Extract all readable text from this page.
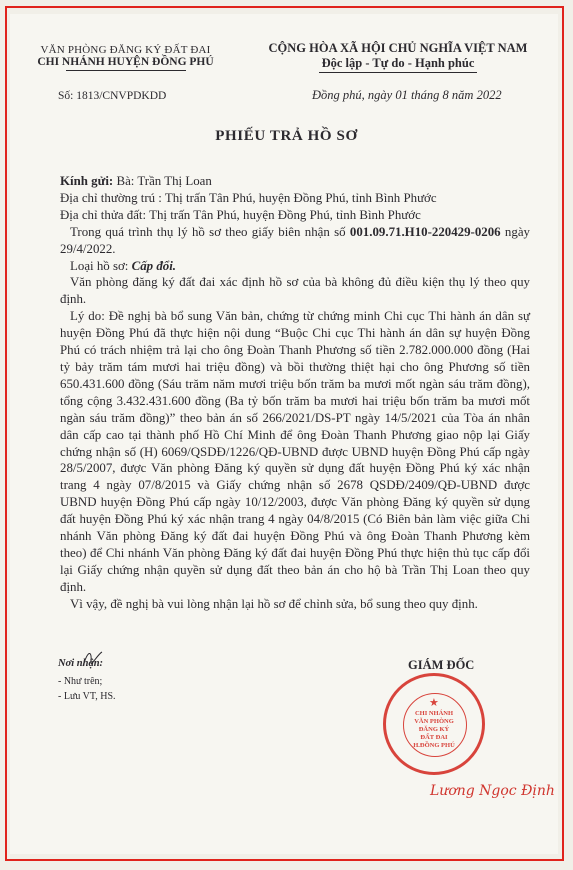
VĂN PHÒNG ĐĂNG KÝ ĐẤT ĐAI
CHI NHÁNH HUYỆN ĐỒNG PHÚ
CỘNG HÒA XÃ HỘI CHỦ NGHĨA VIỆT NAM
Độc lập - Tự do - Hạnh phúc
Số: 1813/CNVPDKDD	Đồng phú, ngày 01 tháng 8 năm 2022
PHIẾU TRẢ HỒ SƠ

Kính gửi: Bà: Trần Thị Loan

Địa chỉ thường trú : Thị trấn Tân Phú, huyện Đồng Phú, tỉnh Bình Phước

Địa chỉ thửa đất: Thị trấn Tân Phú, huyện Đồng Phú, tỉnh Bình Phước

Trong quá trình thụ lý hồ sơ theo giấy biên nhận số 001.09.71.H10-220429-0206 ngày 29/4/2022.

Loại hồ sơ: Cấp đổi.

Văn phòng đăng ký đất đai xác định hồ sơ của bà không đủ điều kiện thụ lý theo quy định.

Lý do: Đề nghị bà bổ sung Văn bản, chứng từ chứng minh Chi cục Thi hành án dân sự huyện Đồng Phú đã thực hiện nội dung “Buộc Chi cục Thi hành án dân sự huyện Đồng Phú có trách nhiệm trả lại cho ông Đoàn Thanh Phương số tiền 2.782.000.000 đồng (Hai tỷ bảy trăm tám mươi hai triệu đồng) và bồi thường thiệt hại cho ông Phương số tiền 650.431.600 đồng (Sáu trăm năm mươi triệu bốn trăm ba mươi mốt ngàn sáu trăm đồng), tổng cộng 3.432.431.600 đồng (Ba tỷ bốn trăm ba mươi hai triệu bốn trăm ba mươi mốt ngàn sáu trăm đồng)” theo bản án số 266/2021/DS-PT ngày 14/5/2021 của Tòa án nhân dân cấp cao tại thành phố Hồ Chí Minh để ông Đoàn Thanh Phương giao nộp lại Giấy chứng nhận số (H) 6069/QSDĐ/1226/QĐ-UBND được UBND huyện Đồng Phú cấp ngày 28/5/2007, được Văn phòng Đăng ký quyền sử dụng đất huyện Đồng Phú ký xác nhận trang 4 ngày 07/8/2015 và Giấy chứng nhận số 2678 QSDĐ/2409/QĐ-UBND được UBND huyện Đồng Phú cấp ngày 10/12/2003, được Văn phòng Đăng ký quyền sử dụng đất huyện Đồng Phú ký xác nhận trang 4 ngày 04/8/2015 (Có Biên bản làm việc giữa Chi nhánh Văn phòng Đăng ký đất đai huyện Đồng Phú và ông Đoàn Thanh Phương kèm theo) để Chi nhánh Văn phòng Đăng ký đất đai huyện Đồng Phú thực hiện thủ tục cấp đổi lại Giấy chứng nhận quyền sử dụng đất theo bản án cho hộ bà Trần Thị Loan theo quy định.

Vì vậy, đề nghị bà vui lòng nhận lại hồ sơ để chỉnh sửa, bổ sung theo quy định.

Nơi nhận:
- Như trên;
- Lưu VT, HS.
GIÁM ĐỐC
★
CHI NHÁNH
VĂN PHÒNG
ĐĂNG KÝ
ĐẤT ĐAI
H.ĐỒNG PHÚ
Lương Ngọc Định
